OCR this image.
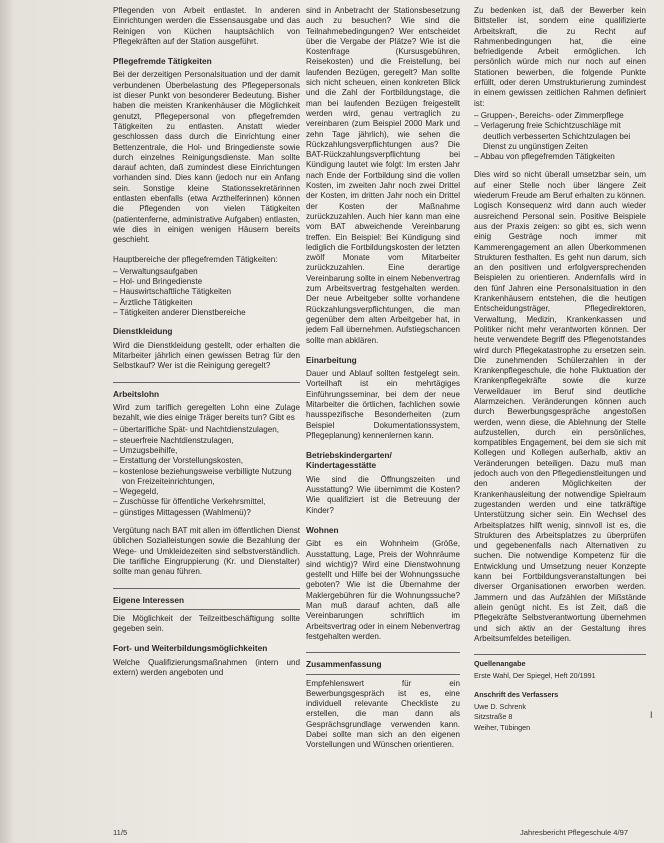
Pflegenden von Arbeit entlastet. In anderen Einrichtungen werden die Essensausgabe und das Reinigen von Küchen hauptsächlich von Pflegekräften auf der Station ausgeführt.

Pflegefremde Tätigkeiten

Bei der derzeitigen Personalsituation und der damit verbundenen Überbelastung des Pflegepersonals ist dieser Punkt von besonderer Bedeutung. Bisher haben die meisten Krankenhäuser die Möglichkeit genutzt, Pflegepersonal von pflegefremden Tätigkeiten zu entlasten. Anstatt wieder geschlossen dass durch die Einrichtung einer Bettenzentrale, die Hol- und Bringedienste sowie durch einzelnes Reinigungsdienste. Man sollte darauf achten, daß zumindest diese Einrichtungen vorhanden sind. Dies kann (jedoch nur ein Anfang sein. Sonstige kleine Stationssekretärinnen entlasten ebenfalls (etwa Arzthelferinnen) können die Pflegenden von vielen Tätigkeiten (patientenferne, administrative Aufgaben) entlasten, wie dies in einigen wenigen Häusern bereits geschieht.

Hauptbereiche der pflegefremden Tätigkeiten:

– Verwaltungsaufgaben
– Hol- und Bringedienste
– Hauswirtschaftliche Tätigkeiten
– Ärztliche Tätigkeiten
– Tätigkeiten anderer Dienstbereiche
Dienstkleidung

Wird die Dienstkleidung gestellt, oder erhalten die Mitarbeiter jährlich einen gewissen Betrag für den Selbstkauf? Wer ist die Reinigung geregelt?

Arbeitslohn

Wird zum tariflich geregelten Lohn eine Zulage bezahlt, wie dies einige Träger bereits tun? Gibt es

– übertarifliche Spät- und Nachtdienstzulagen,
– steuerfreie Nachtdienstzulagen,
– Umzugsbeihilfe,
– Erstattung der Vorstellungskosten,
– kostenlose beziehungsweise verbilligte Nutzung von Freizeiteinrichtungen,
– Wegegeld,
– Zuschüsse für öffentliche Verkehrsmittel,
– günstiges Mittagessen (Wahlmenü)?

Vergütung nach BAT mit allen im öffentlichen Dienst üblichen Sozialleistungen sowie die Bezahlung der Wege- und Umkleidezeiten sind selbstverständlich. Die tarifliche Eingruppierung (Kr. und Dienstalter) sollte man genau führen.

Eigene Interessen

Die Möglichkeit der Teilzeitbeschäftigung sollte gegeben sein.

Fort- und Weiterbildungsmöglichkeiten

Welche Qualifizierungsmaßnahmen (intern und extern) werden angeboten und

sind in Anbetracht der Stationsbesetzung auch zu besuchen? Wie sind die Teilnahmebedingungen? Wer entscheidet über die Vergabe der Plätze? Wie ist die Kostenfrage (Kursusgebühren, Reisekosten) und die Freistellung, bei laufenden Bezügen, geregelt? Man sollte sich nicht scheuen, einen konkreten Blick und die Zahl der Fortbildungstage, die man bei laufenden Bezügen freigestellt werden wird, genau vertraglich zu vereinbaren (zum Beispiel 2000 Mark und zehn Tage jährlich), wie sehen die Rückzahlungsverpflichtungen aus? Die BAT-Rückzahlungsverpflichtung bei Kündigung lautet wie folgt: Im ersten Jahr nach Ende der Fortbildung sind die vollen Kosten, im zweiten Jahr noch zwei Drittel der Kosten, im dritten Jahr noch ein Drittel der Kosten der Maßnahme zurückzuzahlen. Auch hier kann man eine vom BAT abweichende Vereinbarung treffen. Ein Beispiel: Bei Kündigung sind lediglich die Fortbildungskosten der letzten zwölf Monate vom Mitarbeiter zurückzuzahlen. Eine derartige Vereinbarung sollte in einem Nebenvertrag zum Arbeitsvertrag festgehalten werden. Der neue Arbeitgeber sollte vorhandene Rückzahlungsverpflichtungen, die man gegenüber dem alten Arbeitgeber hat, in jedem Fall übernehmen. Aufstiegschancen sollte man abklären.

Einarbeitung

Dauer und Ablauf sollten festgelegt sein. Vorteilhaft ist ein mehrtägiges Einführungsseminar, bei dem der neue Mitarbeiter die örtlichen, fachlichen sowie hausspezifische Besonderheiten (zum Beispiel Dokumentationssystem, Pflegeplanung) kennenlernen kann.

Betriebskindergarten/ Kindertagesstätte

Wie sind die Öffnungszeiten und Ausstattung? Wie übernimmt die Kosten? Wie qualifiziert ist die Betreuung der Kinder?

Wohnen

Gibt es ein Wohnheim (Größe, Ausstattung, Lage, Preis der Wohnräume sind wichtig)? Wird eine Dienstwohnung gestellt und Hilfe bei der Wohnungssuche geboten? Wie ist die Übernahme der Maklergebühren für die Wohnungssuche? Man muß darauf achten, daß alle Vereinbarungen schriftlich im Arbeitsvertrag oder in einem Nebenvertrag festgehalten werden.

Zusammenfassung

Empfehlenswert für ein Bewerbungsgespräch ist es, eine individuell relevante Checkliste zu erstellen, die man dann als Gesprächsgrundlage verwenden kann. Dabei sollte man sich an den eigenen Vorstellungen und Wünschen orientieren.

Zu bedenken ist, daß der Bewerber kein Bittsteller ist, sondern eine qualifizierte Arbeitskraft, die zu Recht auf Rahmenbedingungen hat, die eine befriedigende Arbeit ermöglichen. Ich persönlich würde mich nur noch auf einen Stationen bewerben, die folgende Punkte erfüllt, oder deren Umstrukturierung zumindest in einem gewissen zeitlichen Rahmen definiert ist:

– Gruppen-, Bereichs- oder Zimmerpflege
– Verlagerung freie Schichtzuschläge mit deutlich verbesserten Schichtzulagen bei Dienst zu ungünstigen Zeiten
– Abbau von pflegefremden Tätigkeiten

Dies wird so nicht überall umsetzbar sein, um auf einer Stelle noch über längere Zeit wiederum Freude am Beruf erhalten zu können. Logisch Konsequenz wird dann auch wieder ausreichend Personal sein. Positive Beispiele aus der Praxis zeigen: so gibt es, sich wenn einig Gesträge noch immer mit Kammerengagement an allen Überkommenen Strukturen festhalten. Es geht nun darum, sich an den positiven und erfolgversprechenden Beispielen zu orientieren. Andernfalls wird in den fünf Jahren eine Personalsituation in den Krankenhäusern entstehen, die die heutigen Entscheidungsträger, Pflegedirektoren, Verwaltung, Medizin, Krankenkassen und Politiker nicht mehr verantworten können. Der heute verwendete Begriff des Pflegenotstandes wird durch Pflegekatastrophe zu ersetzen sein. Die zunehmenden Schülerzahlen in der Krankenpflegeschule, die hohe Fluktuation der Krankenpflegekräfte sowie die kurze Verweildauer im Beruf sind deutliche Alarmzeichen. Veränderungen können auch durch Bewerbungsgespräche angestoßen werden, wenn diese, die Ablehnung der Stelle aufzustellen, durch ein persönliches, kompatibles Engagement, bei dem sie sich mit Kollegen und Kollegen außerhalb, aktiv an Veränderungen beteiligen. Dazu muß man jedoch auch von den Pflegedienstleitungen und den anderen Möglichkeiten der Krankenhausleitung der notwendige Spielraum zugestanden werden und eine tatkräftige Unterstützung sicher sein. Ein Wechsel des Arbeitsplatzes hilft wenig, sinnvoll ist es, die Strukturen des Arbeitsplatzes zu überprüfen und gegebenenfalls nach Alternativen zu suchen. Die notwendige Kompetenz für die Entwicklung und Umsetzung neuer Konzepte kann bei Fortbildungsveranstaltungen bei diverser Organisationen erworben werden. Jammern und das Aufzählen der Mißstände allein genügt nicht. Es ist Zeit, daß die Pflegekräfte Selbstverantwortung übernehmen und sich aktiv an der Gestaltung ihres Arbeitsumfeldes beteiligen.

Quellenangabe
Erste Wahl, Der Spiegel, Heft 20/1991
Anschrift des Verfassers
Uwe D. Schrenk
Sitzstraße 8
Weiher, Tübingen
I
11/5	Jahresbericht Pflegeschule 4/97
